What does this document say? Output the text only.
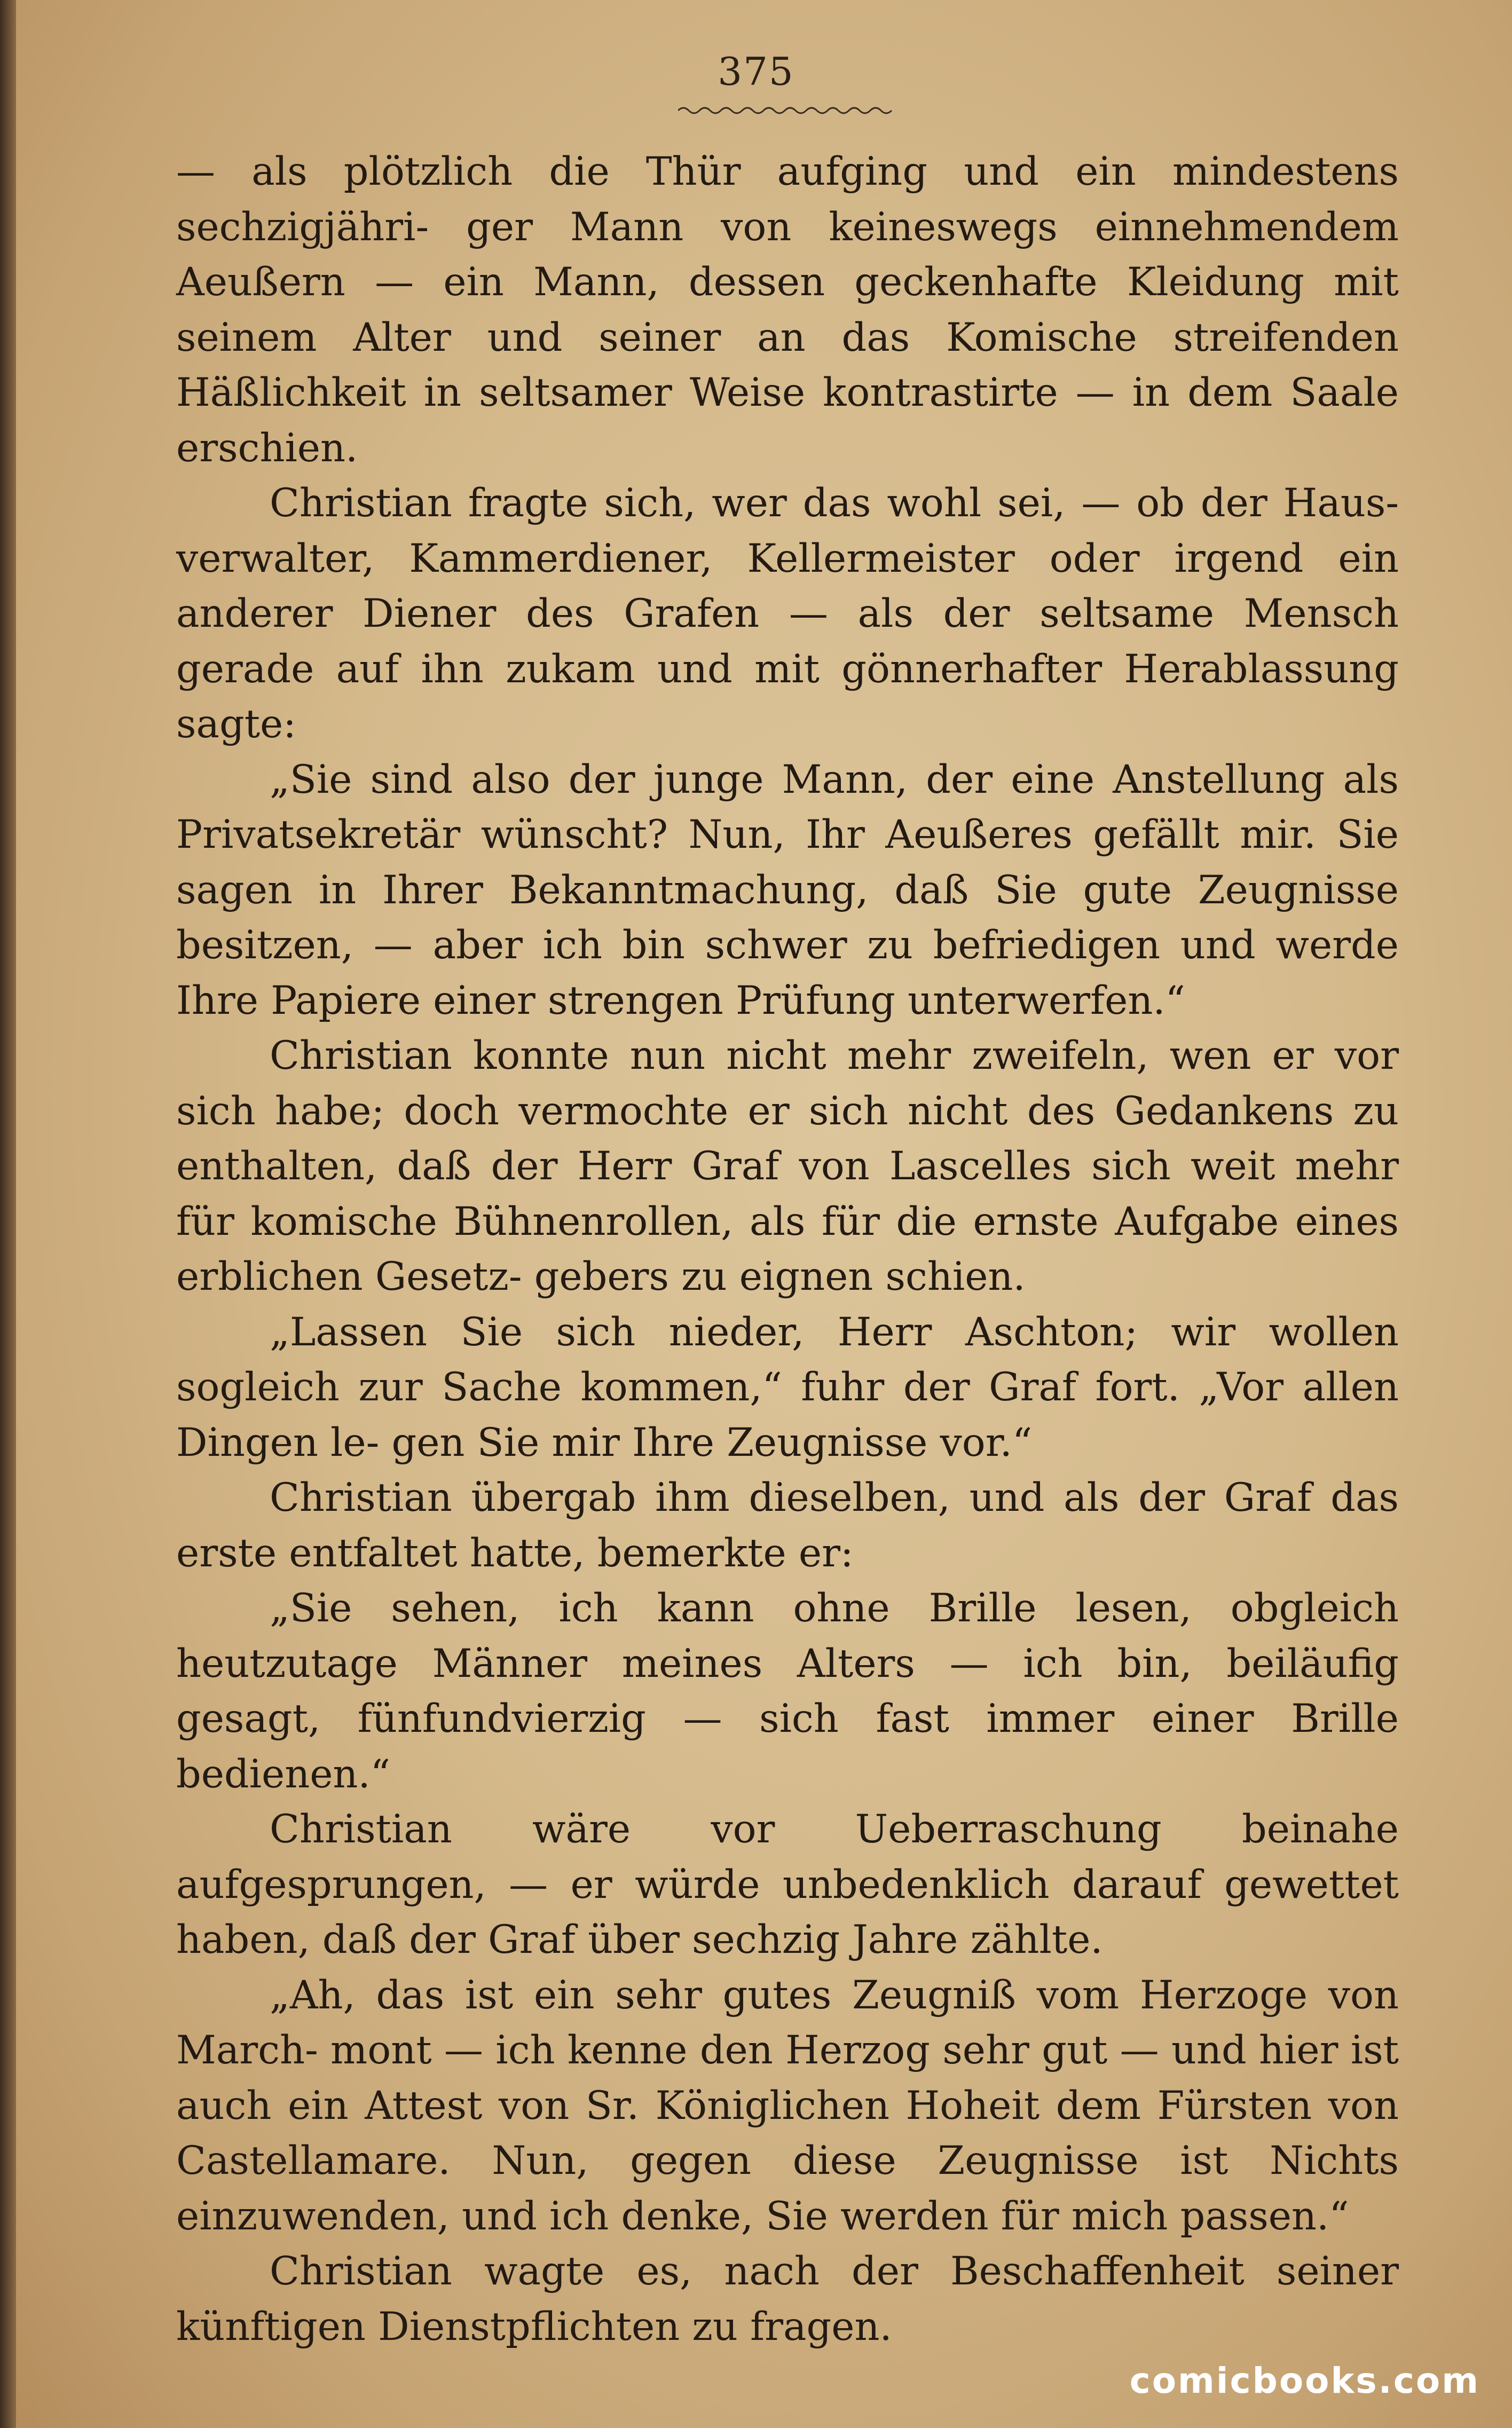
375

— als plötzlich die Thür aufging und ein mindestens sechzigjähri- ger Mann von keineswegs einnehmendem Aeußern — ein Mann, dessen geckenhafte Kleidung mit seinem Alter und seiner an das Komische streifenden Häßlichkeit in seltsamer Weise kontrastirte — in dem Saale erschien.

Christian fragte sich, wer das wohl sei, — ob der Haus- verwalter, Kammerdiener, Kellermeister oder irgend ein anderer Diener des Grafen — als der seltsame Mensch gerade auf ihn zukam und mit gönnerhafter Herablassung sagte:

„Sie sind also der junge Mann, der eine Anstellung als Privatsekretär wünscht? Nun, Ihr Aeußeres gefällt mir. Sie sagen in Ihrer Bekanntmachung, daß Sie gute Zeugnisse besitzen, — aber ich bin schwer zu befriedigen und werde Ihre Papiere einer strengen Prüfung unterwerfen.“

Christian konnte nun nicht mehr zweifeln, wen er vor sich habe; doch vermochte er sich nicht des Gedankens zu enthalten, daß der Herr Graf von Lascelles sich weit mehr für komische Bühnenrollen, als für die ernste Aufgabe eines erblichen Gesetz- gebers zu eignen schien.

„Lassen Sie sich nieder, Herr Aschton; wir wollen sogleich zur Sache kommen,“ fuhr der Graf fort. „Vor allen Dingen le- gen Sie mir Ihre Zeugnisse vor.“

Christian übergab ihm dieselben, und als der Graf das erste entfaltet hatte, bemerkte er:

„Sie sehen, ich kann ohne Brille lesen, obgleich heutzutage Männer meines Alters — ich bin, beiläufig gesagt, fünfundvierzig — sich fast immer einer Brille bedienen.“

Christian wäre vor Ueberraschung beinahe aufgesprungen, — er würde unbedenklich darauf gewettet haben, daß der Graf über sechzig Jahre zählte.

„Ah, das ist ein sehr gutes Zeugniß vom Herzoge von March- mont — ich kenne den Herzog sehr gut — und hier ist auch ein Attest von Sr. Königlichen Hoheit dem Fürsten von Castellamare. Nun, gegen diese Zeugnisse ist Nichts einzuwenden, und ich denke, Sie werden für mich passen.“

Christian wagte es, nach der Beschaffenheit seiner künftigen Dienstpflichten zu fragen.

comicbooks.com
